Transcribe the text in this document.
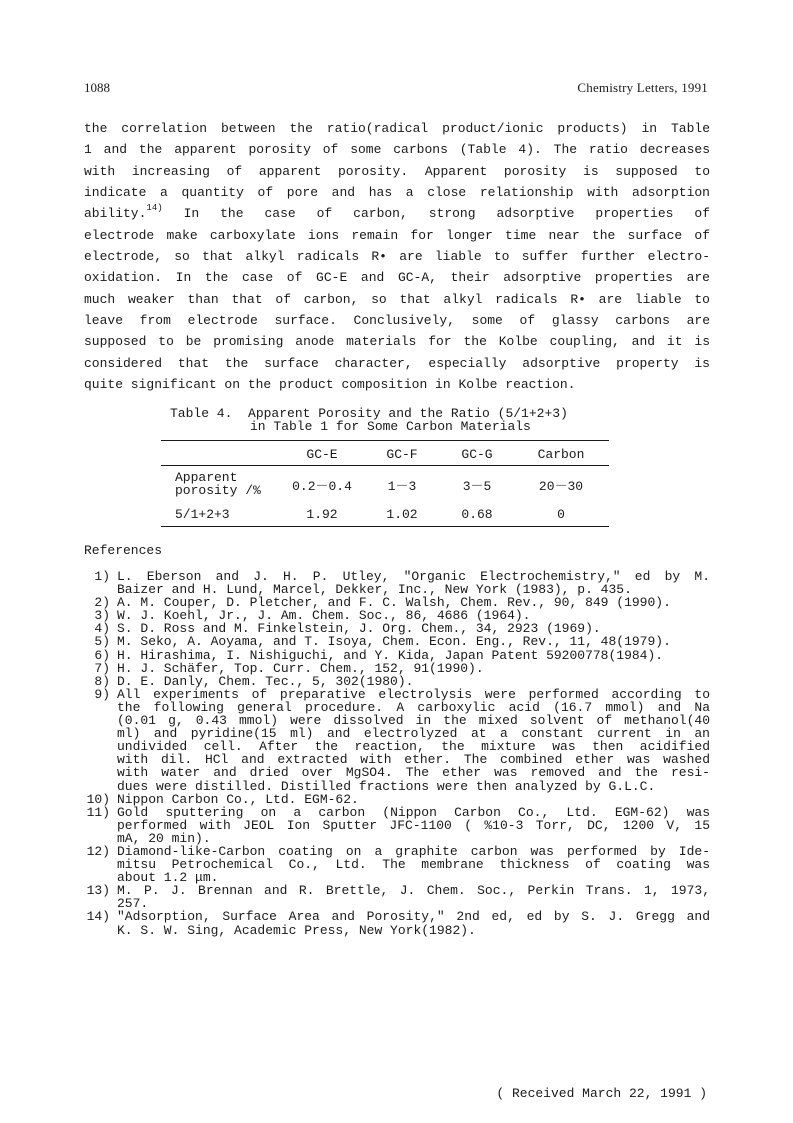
1088	Chemistry Letters, 1991
the correlation between the ratio(radical product/ionic products) in Table
1 and the apparent porosity of some carbons (Table 4). The ratio decreases
with increasing of apparent porosity. Apparent porosity is supposed to
indicate a quantity of pore and has a close relationship with adsorption
ability.$^{14)}$ In the case of carbon, strong adsorptive properties of
electrode make carboxylate ions remain for longer time near the surface of
electrode, so that alkyl radicals R• are liable to suffer further electro-
oxidation. In the case of GC-E and GC-A, their adsorptive properties are
much weaker than that of carbon, so that alkyl radicals R• are liable to
leave from electrode surface. Conclusively, some of glassy carbons are
supposed to be promising anode materials for the Kolbe coupling, and it is
considered that the surface character, especially adsorptive property is
quite significant on the product composition in Kolbe reaction.
Table 4.  Apparent Porosity and the Ratio (5/1+2+3)
in Table 1 for Some Carbon Materials
	GC-E	GC-F	GC-G	Carbon

Apparent
porosity /%	0.2－0.4	1－3	3－5	20－30
5/1+2+3	1.92	1.02	0.68	0
References
1) L. Eberson and J. H. P. Utley, "Organic Electrochemistry," ed by M.
Baizer and H. Lund, Marcel, Dekker, Inc., New York (1983), p. 435.
2) A. M. Couper, D. Pletcher, and F. C. Walsh, Chem. Rev., 90, 849 (1990).
3) W. J. Koehl, Jr., J. Am. Chem. Soc., 86, 4686 (1964).
4) S. D. Ross and M. Finkelstein, J. Org. Chem., 34, 2923 (1969).
5) M. Seko, A. Aoyama, and T. Isoya, Chem. Econ. Eng., Rev., 11, 48(1979).
6) H. Hirashima, I. Nishiguchi, and Y. Kida, Japan Patent 59200778(1984).
7) H. J. Schäfer, Top. Curr. Chem., 152, 91(1990).
8) D. E. Danly, Chem. Tec., 5, 302(1980).
9) All experiments of preparative electrolysis were performed according to
the following general procedure. A carboxylic acid (16.7 mmol) and Na
(0.01 g, 0.43 mmol) were dissolved in the mixed solvent of methanol(40
ml) and pyridine(15 ml) and electrolyzed at a constant current in an
undivided cell. After the reaction, the mixture was then acidified
with dil. HCl and extracted with ether. The combined ether was washed
with water and dried over MgSO4. The ether was removed and the resi-
dues were distilled. Distilled fractions were then analyzed by G.L.C.
10) Nippon Carbon Co., Ltd. EGM-62.
11) Gold sputtering on a carbon (Nippon Carbon Co., Ltd. EGM-62) was
performed with JEOL Ion Sputter JFC-1100 ( %10-3 Torr, DC, 1200 V, 15
mA, 20 min).
12) Diamond-like-Carbon coating on a graphite carbon was performed by Ide-
mitsu Petrochemical Co., Ltd. The membrane thickness of coating was
about 1.2 μm.
13) M. P. J. Brennan and R. Brettle, J. Chem. Soc., Perkin Trans. 1, 1973,
257.
14) "Adsorption, Surface Area and Porosity," 2nd ed, ed by S. J. Gregg and
K. S. W. Sing, Academic Press, New York(1982).
( Received March 22, 1991 )
